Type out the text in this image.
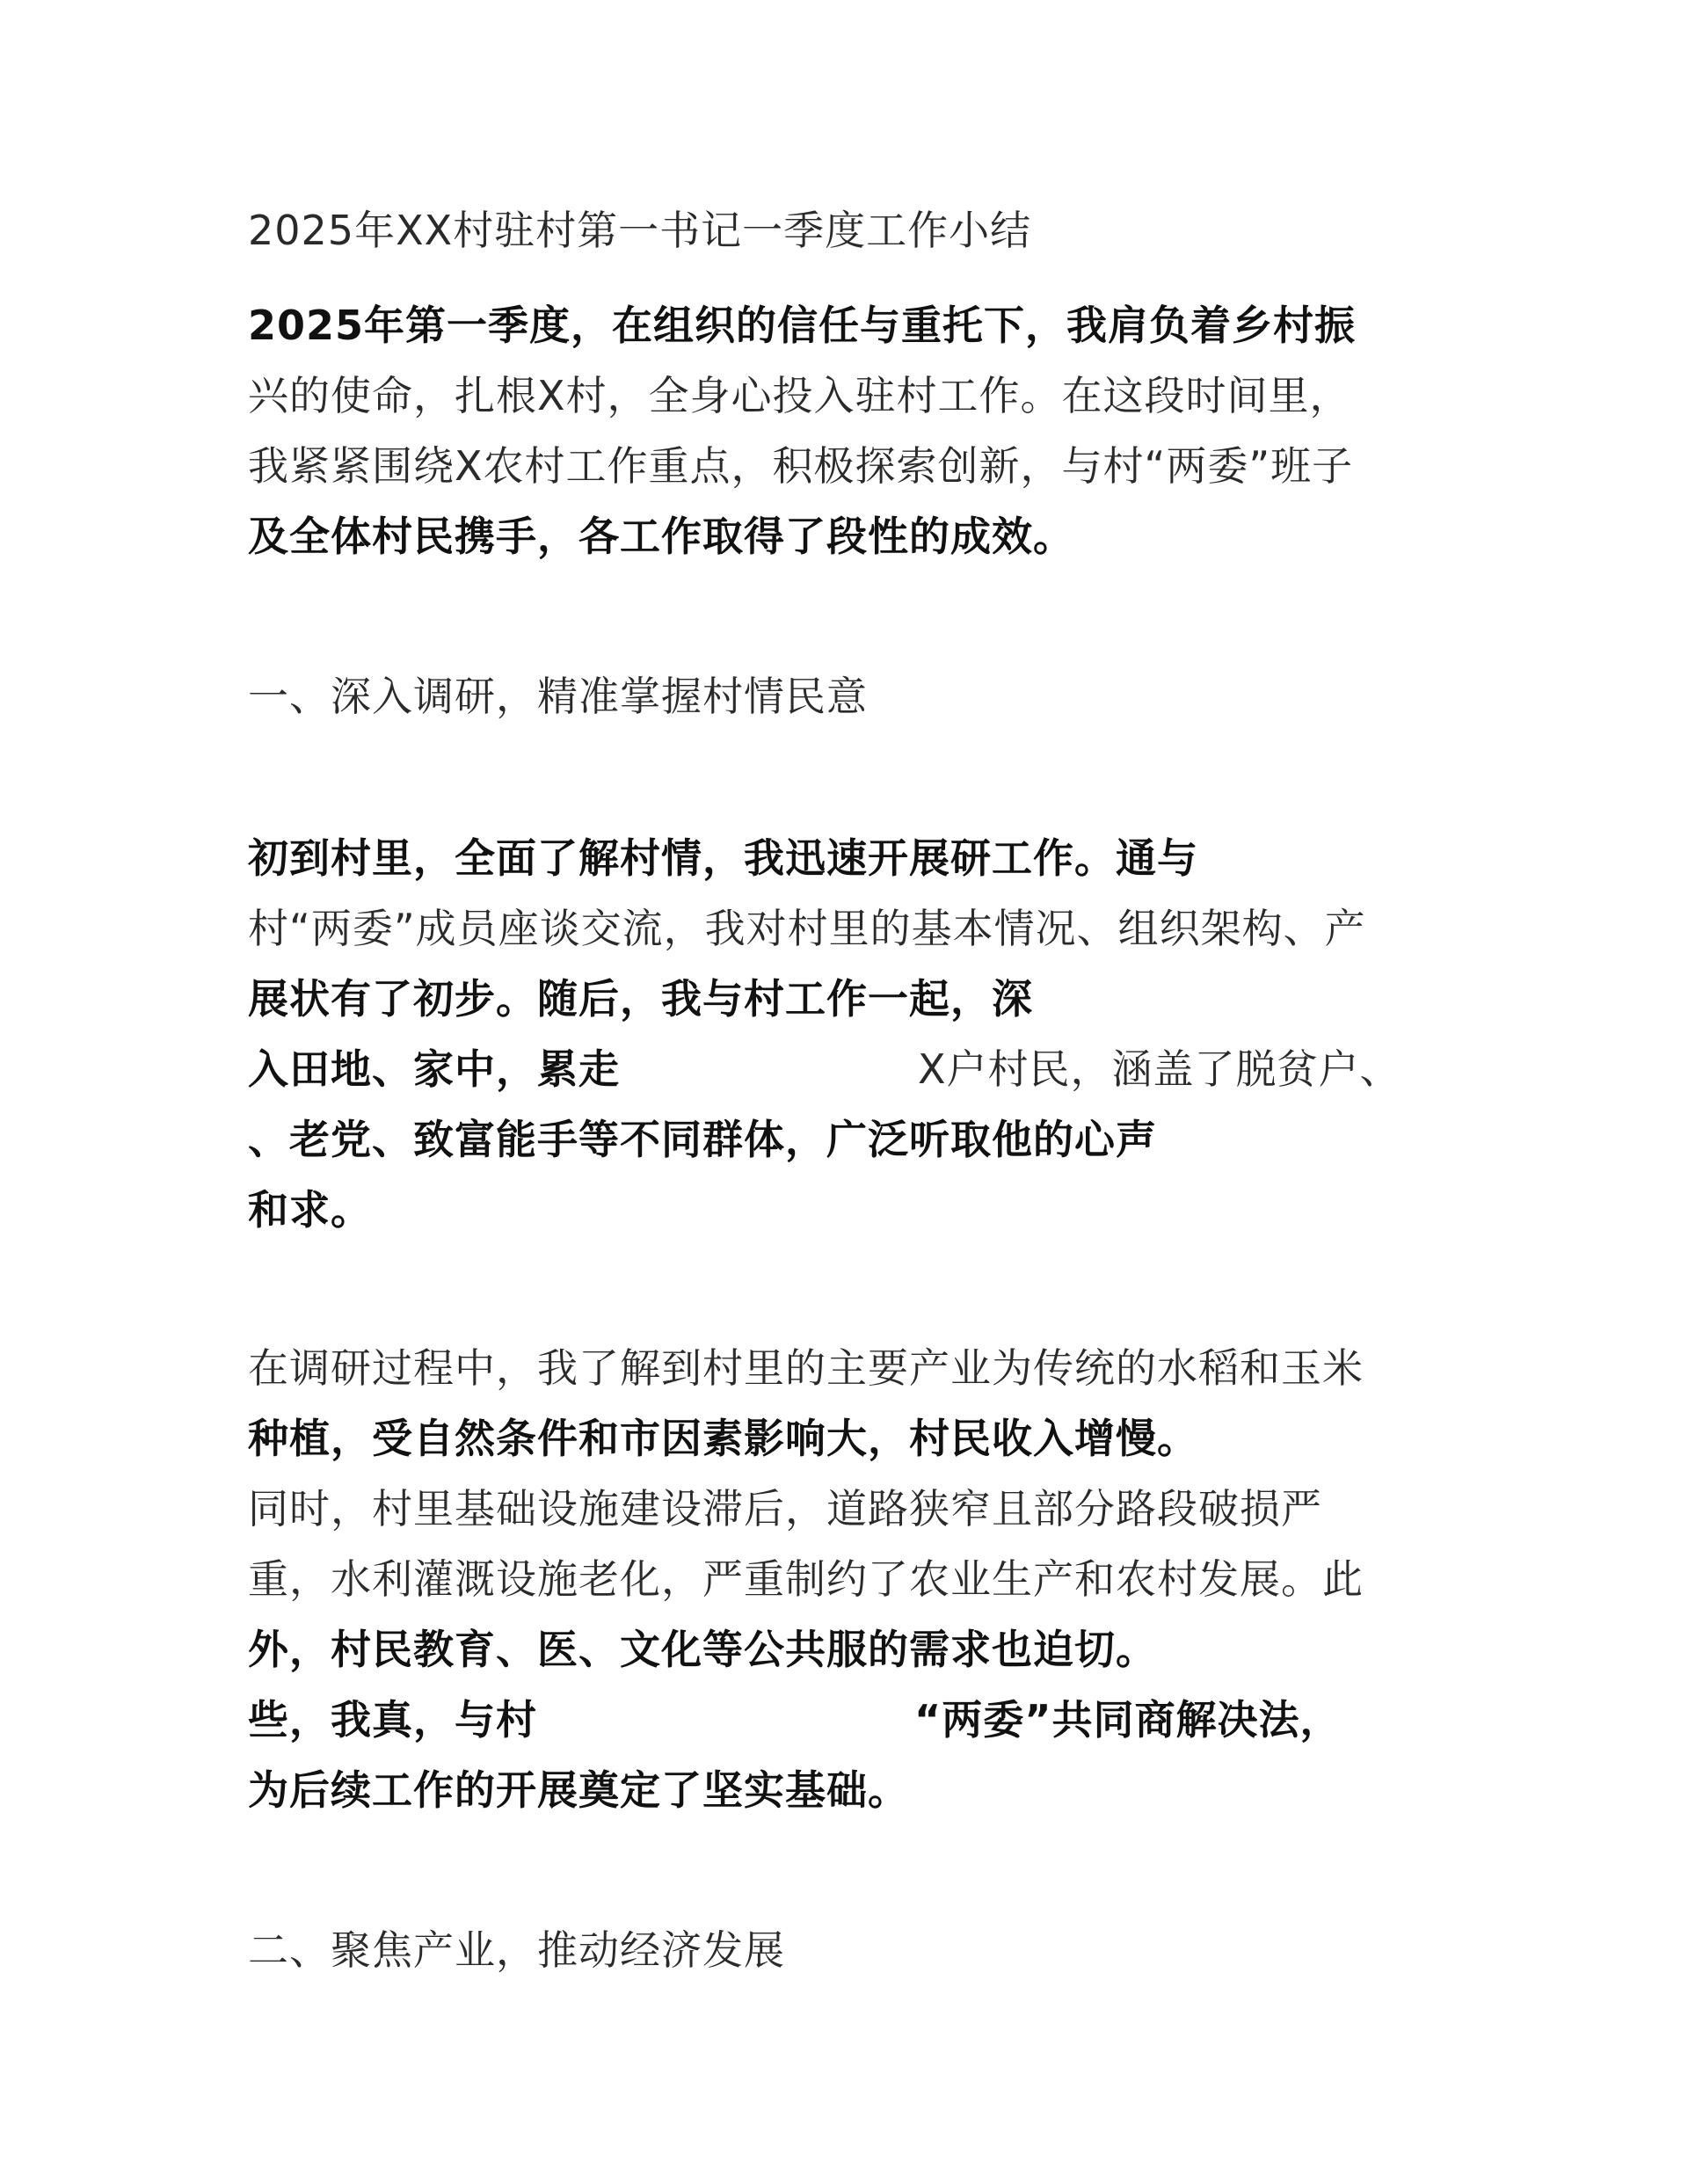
2025年XX村驻村第一书记一季度工作小结

2025年第一季度，在组织的信任与重托下，我肩负着乡村振

兴的使命，扎根X村，全身心投入驻村工作。在这段时间里，

我紧紧围绕X农村工作重点，积极探索创新，与村“两委”班子

及全体村民携手，各工作取得了段性的成效。

一、深入调研，精准掌握村情民意

初到村里，全面了解村情，我迅速开展研工作。通与

村“两委”成员座谈交流，我对村里的基本情况、组织架构、产

展状有了初步。随后，我与村工作一起，深

入田地、家中，累走	X户村民，涵盖了脱贫户、

、老党、致富能手等不同群体，广泛听取他的心声

和求。

在调研过程中，我了解到村里的主要产业为传统的水稻和玉米

种植，受自然条件和市因素影响大，村民收入增慢。

同时，村里基础设施建设滞后，道路狭窄且部分路段破损严

重，水利灌溉设施老化，严重制约了农业生产和农村发展。此

外，村民教育、医、文化等公共服的需求也迫切。

些，我真，与村	“两委”共同商解决法，

为后续工作的开展奠定了坚实基础。

二、聚焦产业，推动经济发展
